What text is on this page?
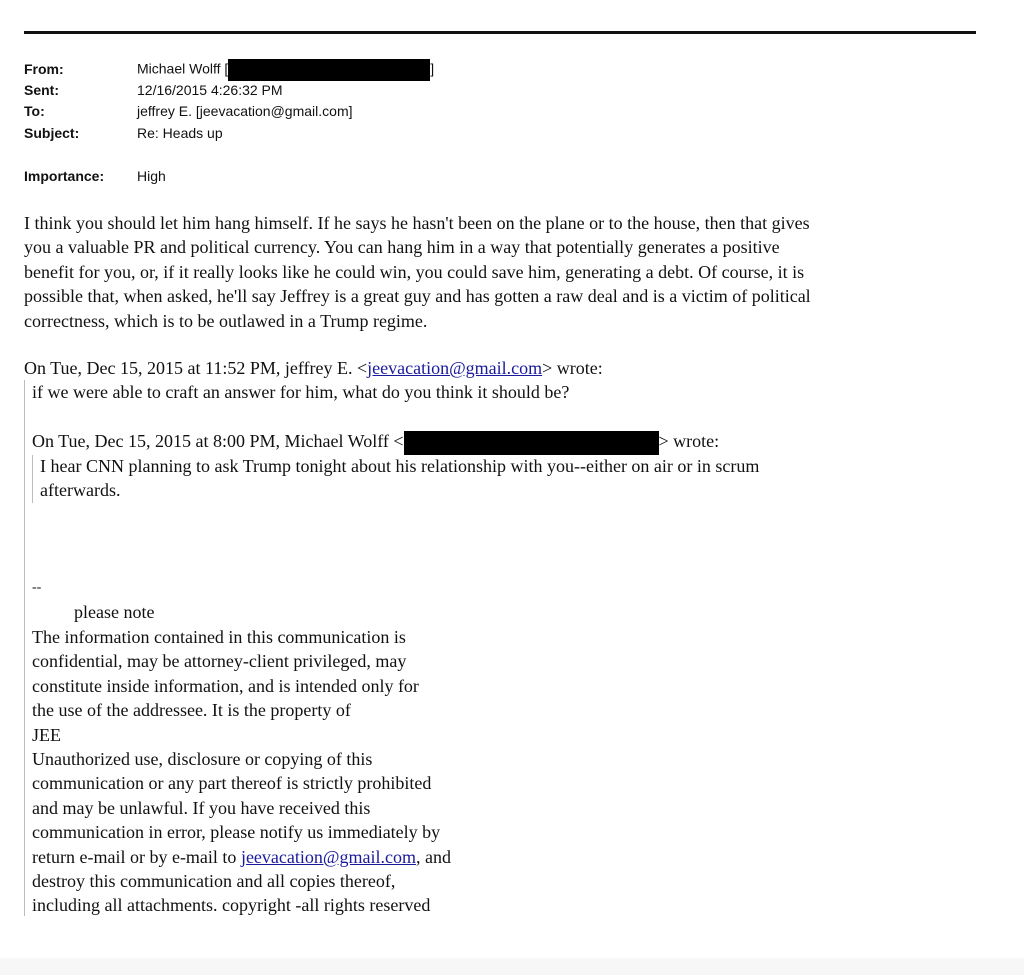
From:	Michael Wolff [	]
Sent:	12/16/2015 4:26:32 PM
To:	jeffrey E. [jeevacation@gmail.com]
Subject:	Re: Heads up
Importance: High
I think you should let him hang himself. If he says he hasn't been on the plane or to the house, then that gives
you a valuable PR and political currency. You can hang him in a way that potentially generates a positive
benefit for you, or, if it really looks like he could win, you could save him, generating a debt. Of course, it is
possible that, when asked, he'll say Jeffrey is a great guy and has gotten a raw deal and is a victim of political
correctness, which is to be outlawed in a Trump regime.
On Tue, Dec 15, 2015 at 11:52 PM, jeffrey E. <jeevacation@gmail.com> wrote:
if we were able to craft an answer for him, what do you think it should be?
On Tue, Dec 15, 2015 at 8:00 PM, Michael Wolff <	> wrote:
I hear CNN planning to ask Trump tonight about his relationship with you--either on air or in scrum
afterwards.
--
please note
The information contained in this communication is
confidential, may be attorney-client privileged, may
constitute inside information, and is intended only for
the use of the addressee. It is the property of
JEE
Unauthorized use, disclosure or copying of this
communication or any part thereof is strictly prohibited
and may be unlawful. If you have received this
communication in error, please notify us immediately by
return e-mail or by e-mail to jeevacation@gmail.com, and
destroy this communication and all copies thereof,
including all attachments. copyright -all rights reserved
